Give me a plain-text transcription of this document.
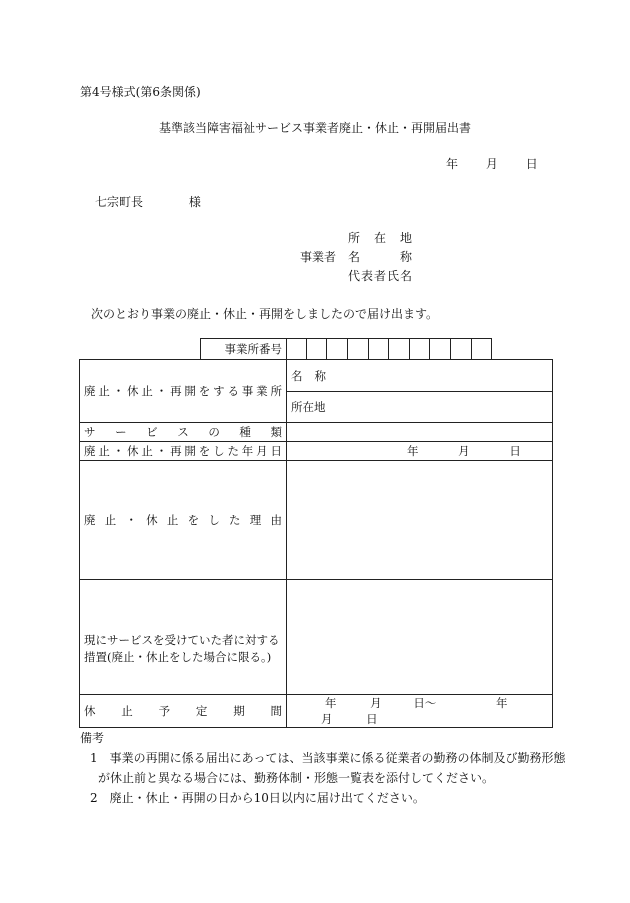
第4号様式(第6条関係)
基準該当障害福祉サービス事業者廃止・休止・再開届出書
年 月 日
七宗町長	様
所在地
事業者 名称
代表者氏名
次のとおり事業の廃止・休止・再開をしましたので届け出ます。
	事業所番号											
廃止・休止・再開をする事業所		名称										
		所在地										
サービスの種類												
廃止・休止・再開をした年月日		年 月 日										
廃止・休止をした理由												

現にサービスを受けていた者に対する
措置(廃止・休止をした場合に限る。)												

休止予定期間		年 月 日〜 年 月 日										
備考
1　事業の再開に係る届出にあっては、当該事業に係る従業者の勤務の体制及び勤務形態
が休止前と異なる場合には、勤務体制・形態一覧表を添付してください。
2　廃止・休止・再開の日から10日以内に届け出てください。
